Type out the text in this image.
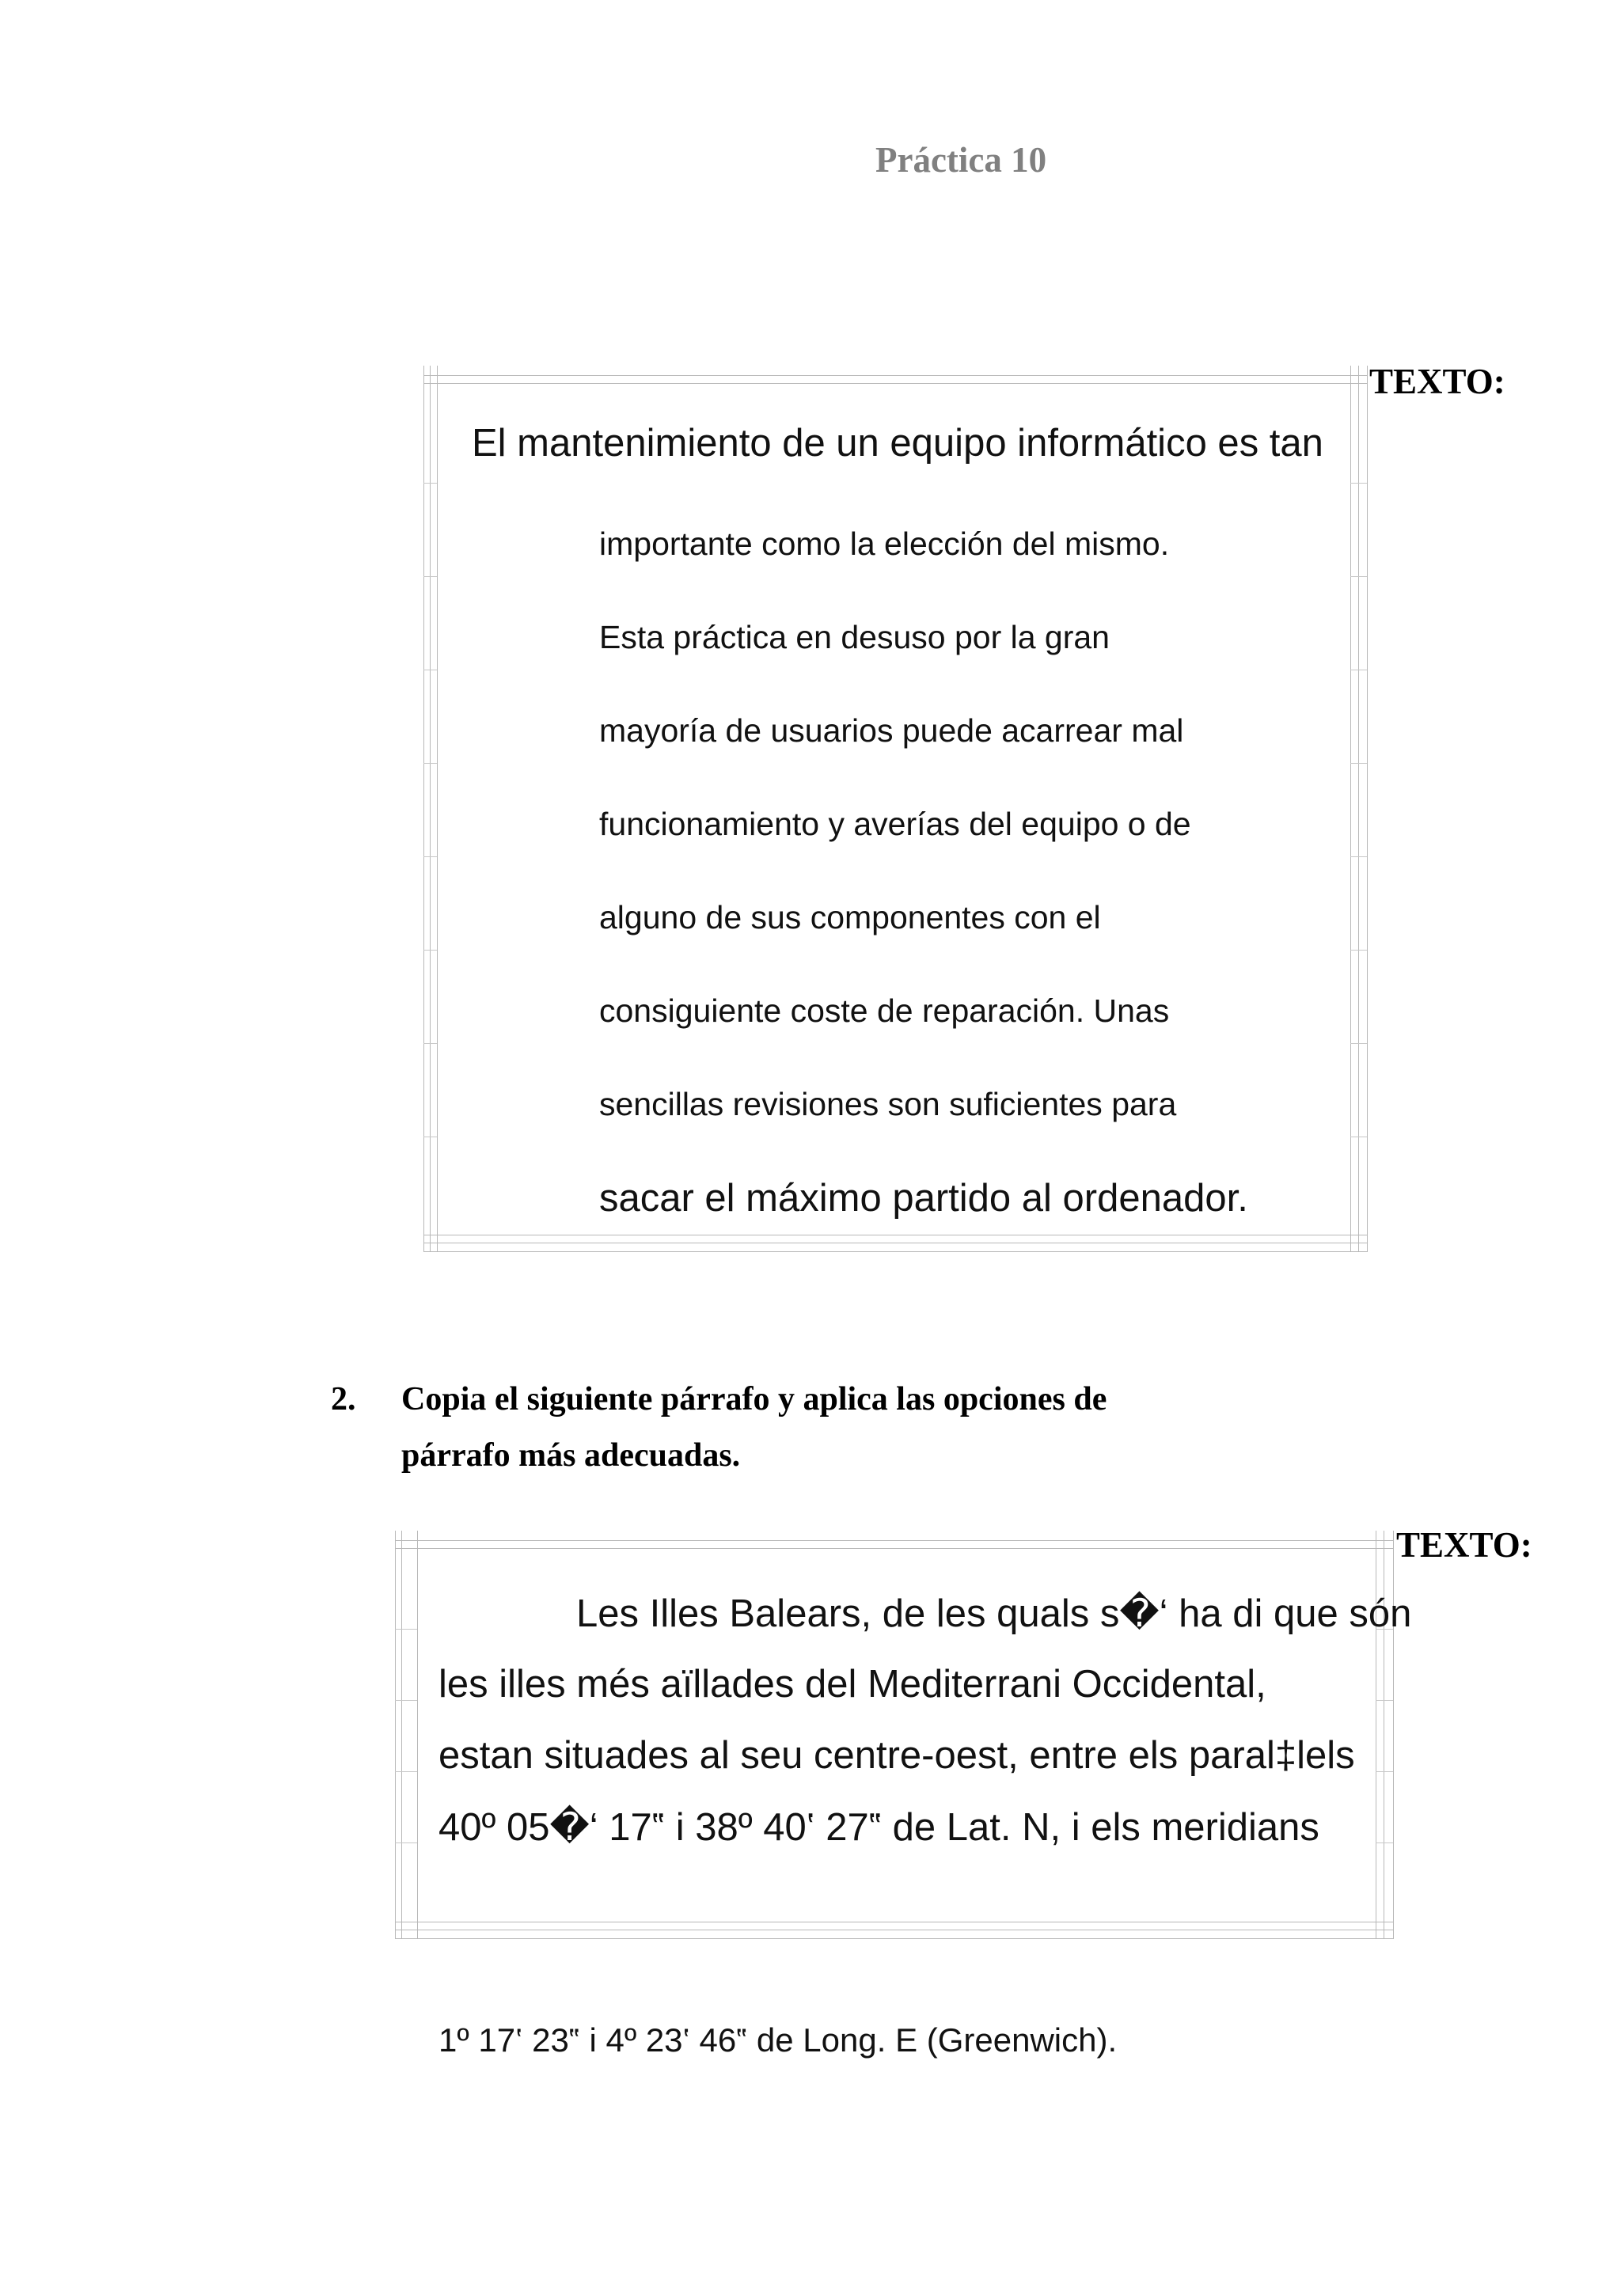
Práctica 10
TEXTO:
El mantenimiento de un equipo informático es tan
importante como la elección del mismo.
Esta práctica en desuso por la gran
mayoría de usuarios puede acarrear mal
funcionamiento y averías del equipo o de
alguno de sus componentes con el
consiguiente coste de reparación. Unas
sencillas revisiones son suficientes para
sacar el máximo partido al ordenador.
2. Copia el siguiente párrafo y aplica las opciones de
párrafo más adecuadas.
TEXTO:
Les Illes Balears, de les quals s�‘ ha di que són
les illes més aïllades del Mediterrani Occidental,
estan situades al seu centre-oest, entre els paral‡lels
40º 05�‘ 17‟ i 38º 40‛ 27‟ de Lat. N, i els meridians
1º 17‛ 23‟ i 4º 23‛ 46‟ de Long. E (Greenwich).
